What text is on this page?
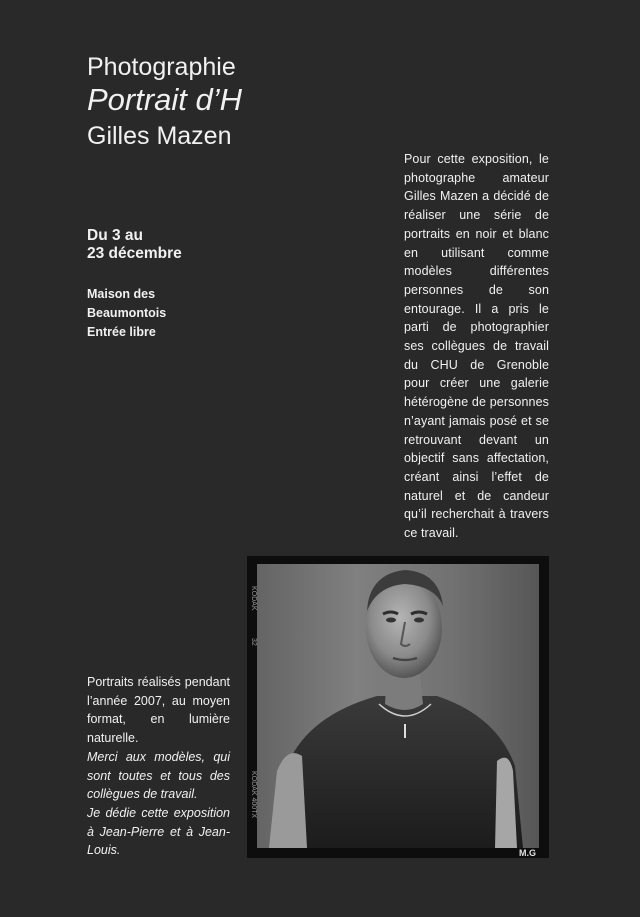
Photographie
Portrait d’H
Gilles Mazen
Du 3 au
23 décembre
Maison des
Beaumontois
Entrée libre
Pour cette exposition, le photographe amateur Gilles Mazen a décidé de réaliser une série de portraits en noir et blanc en utilisant comme modèles différentes personnes de son entourage. Il a pris le parti de photographier ses collègues de travail du CHU de Grenoble pour créer une galerie hétérogène de personnes n’ayant jamais posé et se retrouvant devant un objectif sans affectation, créant ainsi l’effet de naturel et de candeur qu’il recherchait à travers ce travail.
KODAK
32
KODAK 400TX
M.G

Portraits réalisés pendant l’année 2007, au moyen format, en lumière naturelle.

Merci aux modèles, qui sont toutes et tous des collègues de travail.

Je dédie cette exposition à Jean-Pierre et à Jean-Louis.
